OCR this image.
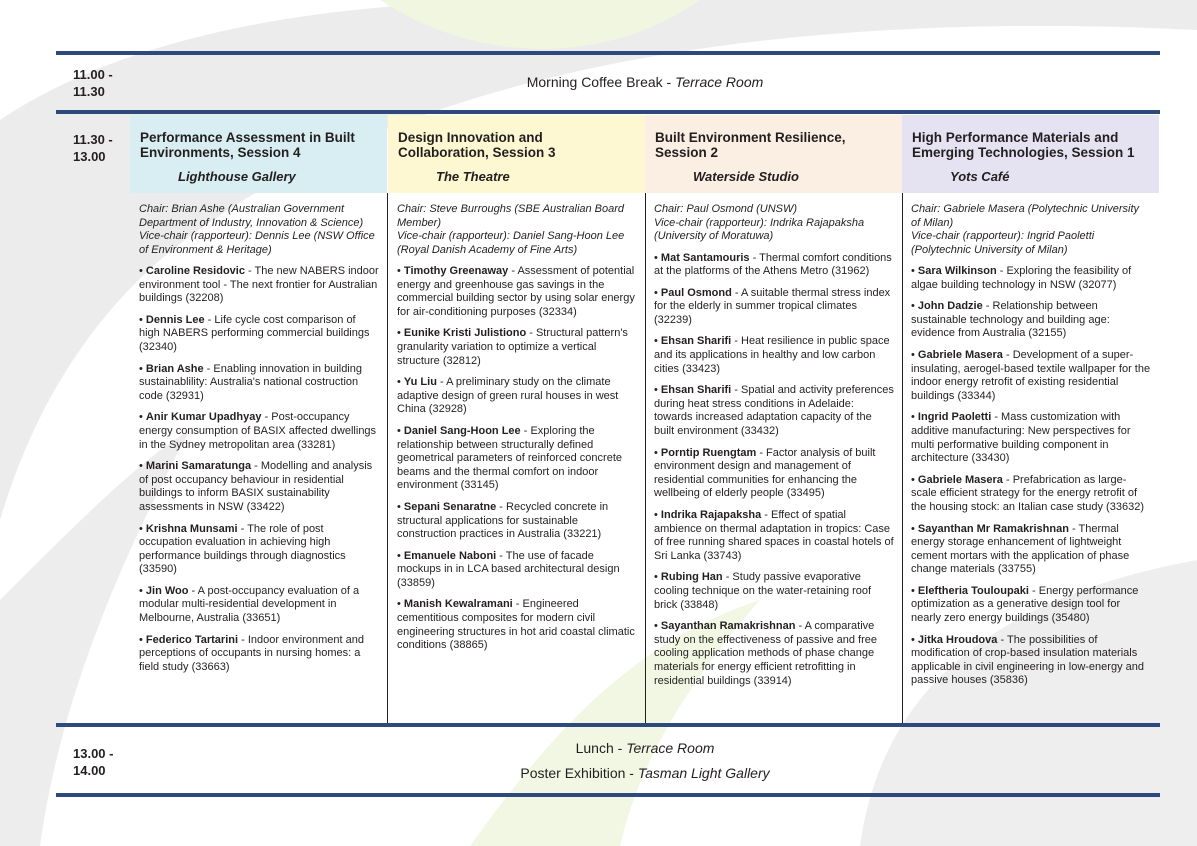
11.00 -
11.30
Morning Coffee Break - Terrace Room
11.30 -
13.00
Performance Assessment in Built Environments, Session 4
Lighthouse Gallery
Chair: Brian Ashe (Australian Government Department of Industry, Innovation & Science)
Vice-chair (rapporteur): Dennis Lee (NSW Office of Environment & Heritage)
• Caroline Residovic - The new NABERS indoor environment tool - The next frontier for Australian buildings (32208)
• Dennis Lee - Life cycle cost comparison of high NABERS performing commercial buildings (32340)
• Brian Ashe - Enabling innovation in building sustainablility: Australia's national costruction code (32931)
• Anir Kumar Upadhyay - Post-occupancy energy consumption of BASIX affected dwellings in the Sydney metropolitan area (33281)
• Marini Samaratunga - Modelling and analysis of post occupancy behaviour in residential buildings to inform BASIX sustainability assessments in NSW (33422)
• Krishna Munsami - The role of post occupation evaluation in achieving high performance buildings through diagnostics (33590)
• Jin Woo - A post-occupancy evaluation of a modular multi-residential development in Melbourne, Australia (33651)
• Federico Tartarini - Indoor environment and perceptions of occupants in nursing homes: a field study (33663)
Design Innovation and Collaboration, Session 3
The Theatre
Chair: Steve Burroughs (SBE Australian Board Member)
Vice-chair (rapporteur): Daniel Sang-Hoon Lee (Royal Danish Academy of Fine Arts)
• Timothy Greenaway - Assessment of potential energy and greenhouse gas savings in the commercial building sector by using solar energy for air-conditioning purposes (32334)
• Eunike Kristi Julistiono - Structural pattern's granularity variation to optimize a vertical structure (32812)
• Yu Liu - A preliminary study on the climate adaptive design of green rural houses in west China (32928)
• Daniel Sang-Hoon Lee - Exploring the relationship between structurally defined geometrical parameters of reinforced concrete beams and the thermal comfort on indoor environment (33145)
• Sepani Senaratne - Recycled concrete in structural applications for sustainable construction practices in Australia (33221)
• Emanuele Naboni - The use of facade mockups in in LCA based architectural design (33859)
• Manish Kewalramani - Engineered cementitious composites for modern civil engineering structures in hot arid coastal climatic conditions (38865)
Built Environment Resilience, Session 2
Waterside Studio
Chair: Paul Osmond (UNSW)
Vice-chair (rapporteur): Indrika Rajapaksha (University of Moratuwa)
• Mat Santamouris - Thermal comfort conditions at the platforms of the Athens Metro (31962)
• Paul Osmond - A suitable thermal stress index for the elderly in summer tropical climates (32239)
• Ehsan Sharifi - Heat resilience in public space and its applications in healthy and low carbon cities (33423)
• Ehsan Sharifi - Spatial and activity preferences during heat stress conditions in Adelaide: towards increased adaptation capacity of the built environment (33432)
• Porntip Ruengtam - Factor analysis of built environment design and management of residential communities for enhancing the wellbeing of elderly people (33495)
• Indrika Rajapaksha - Effect of spatial ambience on thermal adaptation in tropics: Case of free running shared spaces in coastal hotels of Sri Lanka (33743)
• Rubing Han - Study passive evaporative cooling technique on the water-retaining roof brick (33848)
• Sayanthan Ramakrishnan - A comparative study on the effectiveness of passive and free cooling application methods of phase change materials for energy efficient retrofitting in residential buildings (33914)
High Performance Materials and Emerging Technologies, Session 1
Yots Café
Chair: Gabriele Masera (Polytechnic University of Milan)
Vice-chair (rapporteur): Ingrid Paoletti (Polytechnic University of Milan)
• Sara Wilkinson - Exploring the feasibility of algae building technology in NSW (32077)
• John Dadzie - Relationship between sustainable technology and building age: evidence from Australia (32155)
• Gabriele Masera - Development of a super-insulating, aerogel-based textile wallpaper for the indoor energy retrofit of existing residential buildings (33344)
• Ingrid Paoletti - Mass customization with additive manufacturing: New perspectives for multi performative building component in architecture (33430)
• Gabriele Masera - Prefabrication as large-scale efficient strategy for the energy retrofit of the housing stock: an Italian case study (33632)
• Sayanthan Mr Ramakrishnan - Thermal energy storage enhancement of lightweight cement mortars with the application of phase change materials (33755)
• Eleftheria Touloupaki - Energy performance optimization as a generative design tool for nearly zero energy buildings (35480)
• Jitka Hroudova - The possibilities of modification of crop-based insulation materials applicable in civil engineering in low-energy and passive houses (35836)
13.00 -
14.00
Lunch - Terrace Room
Poster Exhibition - Tasman Light Gallery
